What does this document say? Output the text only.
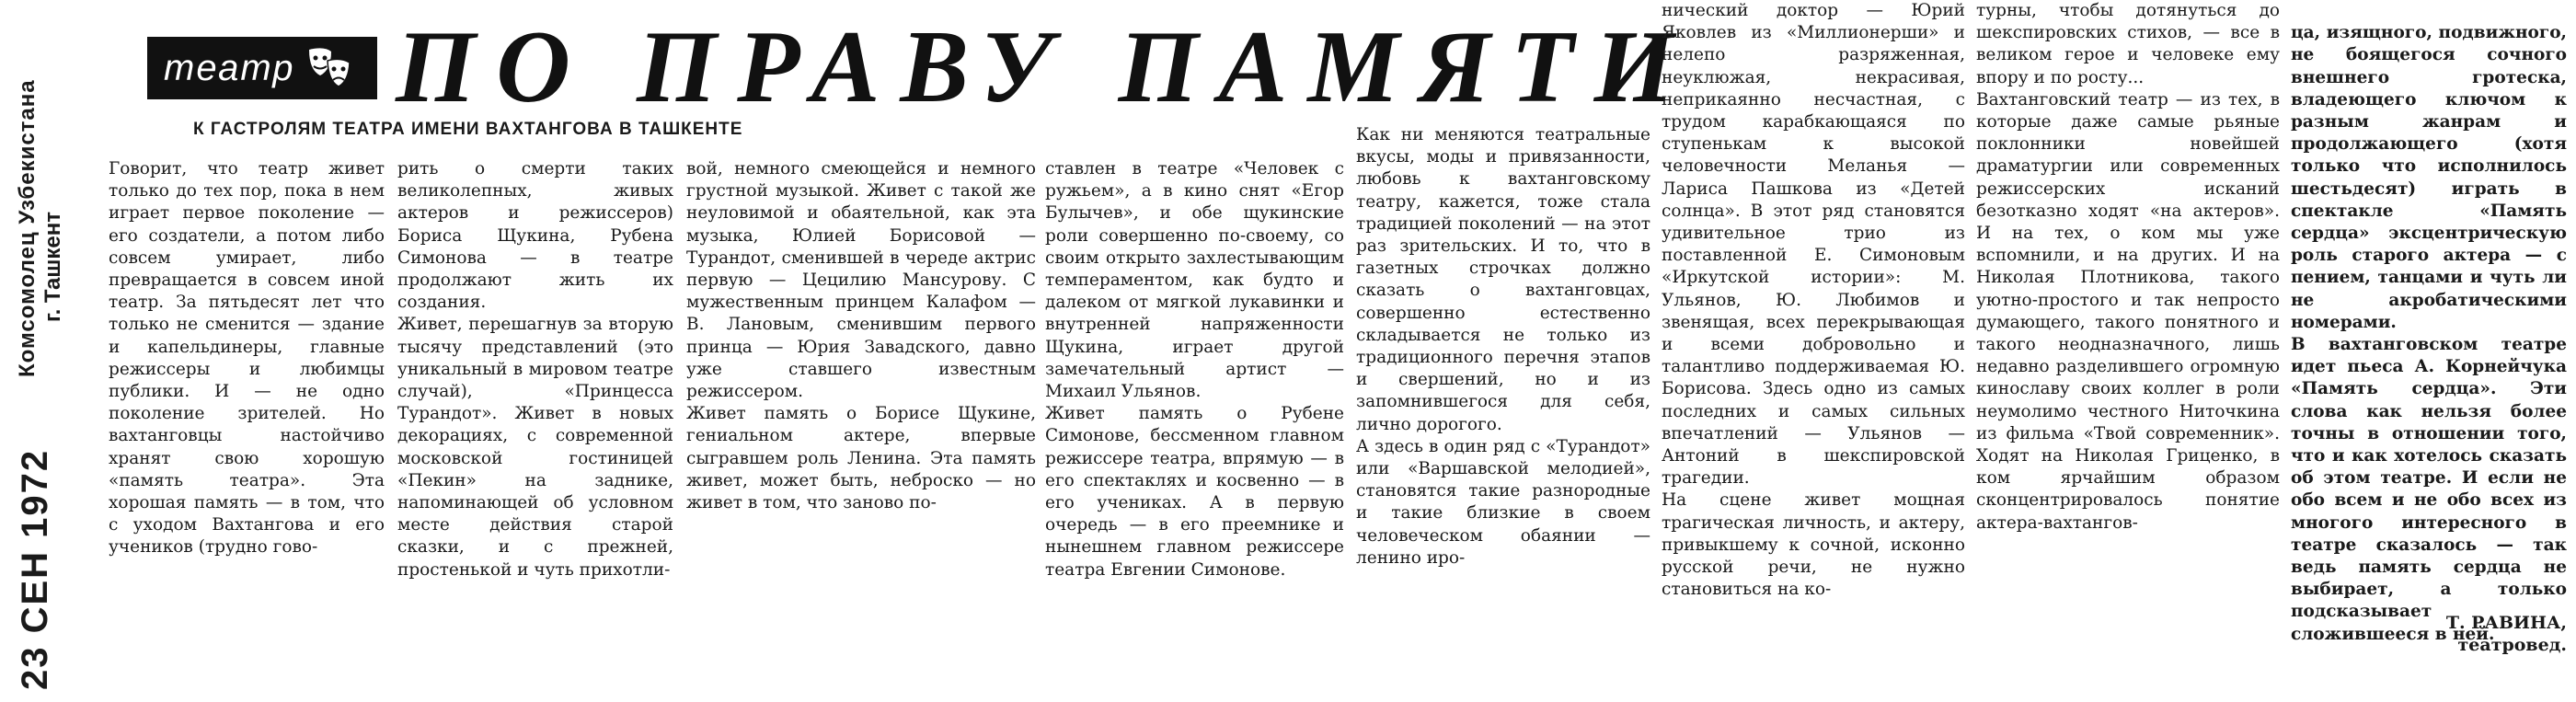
Комсомолец Узбекистана г. Ташкент
23 СЕН 1972
театр ПО ПРАВУ ПАМЯТИ
К ГАСТРОЛЯМ ТЕАТРА ИМЕНИ ВАХТАНГОВА В ТАШКЕНТЕ
Говорит, что театр живет только до тех пор, пока в нем играет первое поколение — его создатели, а потом либо совсем умирает, либо превращается в совсем иной театр. За пятьдесят лет что только не сменится — здание и капельдинеры, главные режиссеры и любимцы публики. И — не одно поколение зрителей. Но вахтанговцы настойчиво хранят свою хорошую «память театра». Эта хорошая память — в том, что с уходом Вахтангова и его учеников (трудно гово-
рить о смерти таких великолепных, живых актеров и режиссеров) Бориса Щукина, Рубена Симонова — в театре продолжают жить их создания.
Живет, перешагнув за вторую тысячу представлений (это уникальный в мировом театре случай), «Принцесса Турандот». Живет в новых декорациях, с современной московской гостиницей «Пекин» на заднике, напоминающей об условном месте действия старой сказки, и с прежней, простенькой и чуть прихотли-
вой, немного смеющейся и немного грустной музыкой. Живет с такой же неуловимой и обаятельной, как эта музыка, Юлией Борисовой — Турандот, сменившей в череде актрис первую — Цецилию Мансурову. С мужественным принцем Калафом — В. Лановым, сменившим первого принца — Юрия Завадского, давно уже ставшего известным режиссером.
Живет память о Борисе Щукине, гениальном актере, впервые сыгравшем роль Ленина. Эта память живет, может быть, неброско — но живет в том, что заново по-
ставлен в театре «Человек с ружьем», а в кино снят «Егор Булычев», и обе щукинские роли совершенно по-своему, со своим открыто захлестывающим темпераментом, как будто и далеком от мягкой лукавинки и внутренней напряженности Щукина, играет другой замечательный артист — Михаил Ульянов.
Живет память о Рубене Симонове, бессменном главном режиссере театра, впрямую — в его спектаклях и косвенно — в его учениках. А в первую очередь — в его преемнике и нынешнем главном режиссере театра Евгении Симонове.
Как ни меняются театральные вкусы, моды и привязанности, любовь к вахтанговскому театру, кажется, тоже стала традицией поколений — на этот раз зрительских. И то, что в газетных строчках должно сказать о вахтанговцах, совершенно естественно складывается не только из традиционного перечня этапов и свершений, но и из запомнившегося для себя, лично дорогого.
А здесь в один ряд с «Турандот» или «Варшавской мелодией», становятся такие разнородные и такие близкие в своем человеческом обаянии — ленино иро-
нический доктор — Юрий Яковлев из «Миллионерши» и нелепо разряженная, неуклюжая, некрасивая, неприкаянно несчастная, с трудом карабкающаяся по ступенькам к высокой человечности Меланья — Лариса Пашкова из «Детей солнца». В этот ряд становятся удивительное трио из поставленной Е. Симоновым «Иркутской истории»: М. Ульянов, Ю. Любимов и звенящая, всех перекрывающая и всеми добровольно и талантливо поддерживаемая Ю. Борисова. Здесь одно из самых последних и самых сильных впечатлений — Ульянов — Антоний в шекспировской трагедии.
На сцене живет мощная трагическая личность, и актеру, привыкшему к сочной, исконно русской речи, не нужно становиться на ко-
турны, чтобы дотянуться до шекспировских стихов, — все в великом герое и человеке ему впору и по росту...
Вахтанговский театр — из тех, в которые даже самые рьяные поклонники новейшей драматургии или современных режиссерских исканий безотказно ходят «на актеров». И на тех, о ком мы уже вспомнили, и на других. И на Николая Плотникова, такого уютно-простого и так непросто думающего, такого понятного и такого неодназначного, лишь недавно разделившего огромную кинославу своих коллег в роли неумолимо честного Ниточкина из фильма «Твой современник». Ходят на Николая Гриценко, в ком ярчайшим образом сконцентрировалось понятие актера-вахтангов-

ца, изящного, подвижного, не боящегося сочного внешнего гротеска, владеющего ключом к разным жанрам и продолжающего (хотя только что исполнилось шестьдесят) играть в спектакле «Память сердца» эксцентрическую роль старого актера — с пением, танцами и чуть ли не акробатическими номерами.
В вахтанговском театре идет пьеса А. Корнейчука «Память сердца». Эти слова как нельзя более точны в отношении того, что и как хотелось сказать об этом театре. И если не обо всем и не обо всех из многого интересного в театре сказалось — так ведь память сердца не выбирает, а только подсказывает сложившееся в ней.

Т. РАВИНА,
театровед.
